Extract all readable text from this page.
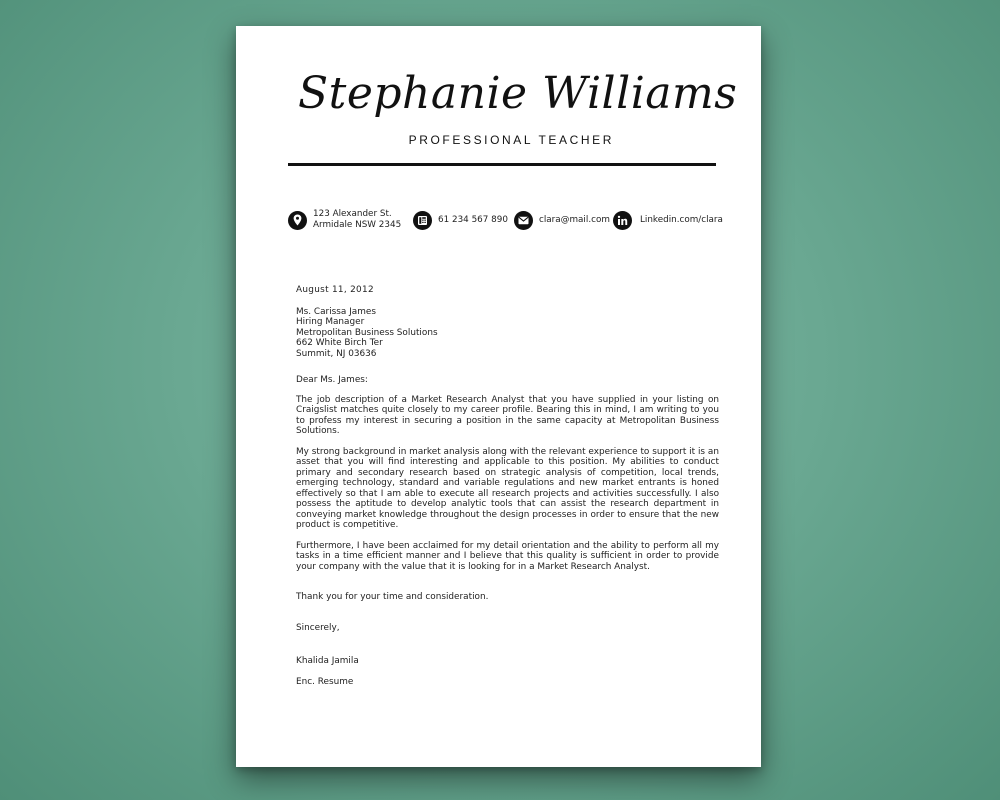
Stephanie Williams
PROFESSIONAL TEACHER
123 Alexander St.
Armidale NSW 2345
61 234 567 890	clara@mail.com	Linkedin.com/clara

August 11, 2012

Ms. Carissa James
Hiring Manager
Metropolitan Business Solutions
662 White Birch Ter
Summit, NJ 03636

Dear Ms. James:

The job description of a Market Research Analyst that you have supplied in your listing on Craigslist matches quite closely to my career profile. Bearing this in mind, I am writing to you to profess my interest in securing a position in the same capacity at Metropolitan Business Solutions.

My strong background in market analysis along with the relevant experience to support it is an asset that you will find interesting and applicable to this position. My abilities to conduct primary and secondary research based on strategic analysis of competition, local trends, emerging technology, standard and variable regulations and new market entrants is honed effectively so that I am able to execute all research projects and activities successfully. I also possess the aptitude to develop analytic tools that can assist the research department in conveying market knowledge throughout the design processes in order to ensure that the new product is competitive.

Furthermore, I have been acclaimed for my detail orientation and the ability to perform all my tasks in a time efficient manner and I believe that this quality is sufficient in order to provide your company with the value that it is looking for in a Market Research Analyst.

Thank you for your time and consideration.

Sincerely,

Khalida Jamila

Enc. Resume
